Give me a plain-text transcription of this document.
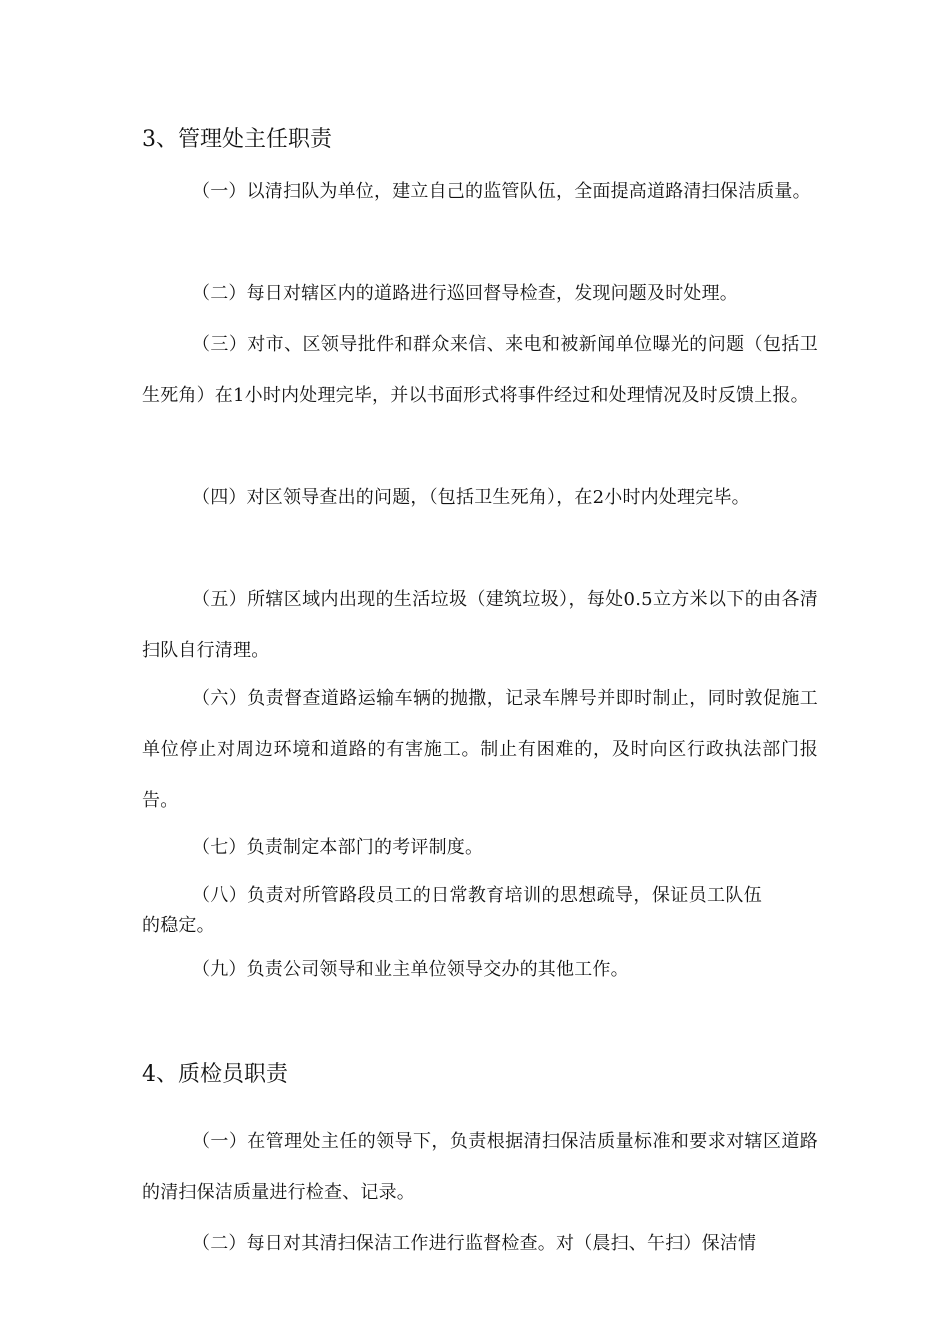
3、管理处主任职责
（一）以清扫队为单位，建立自己的监管队伍，全面提高道路清扫保洁质量。
（二）每日对辖区内的道路进行巡回督导检查，发现问题及时处理。
（三）对市、区领导批件和群众来信、来电和被新闻单位曝光的问题（包括卫生死角）在1小时内处理完毕，并以书面形式将事件经过和处理情况及时反馈上报。
（四）对区领导查出的问题，（包括卫生死角），在2小时内处理完毕。
（五）所辖区域内出现的生活垃圾（建筑垃圾），每处0.5立方米以下的由各清扫队自行清理。
（六）负责督查道路运输车辆的抛撒，记录车牌号并即时制止，同时敦促施工单位停止对周边环境和道路的有害施工。制止有困难的，及时向区行政执法部门报告。
（七）负责制定本部门的考评制度。
（八）负责对所管路段员工的日常教育培训的思想疏导，保证员工队伍的稳定。
（九）负责公司领导和业主单位领导交办的其他工作。
4、质检员职责
（一）在管理处主任的领导下，负责根据清扫保洁质量标准和要求对辖区道路的清扫保洁质量进行检查、记录。
（二）每日对其清扫保洁工作进行监督检查。对（晨扫、午扫）保洁情
